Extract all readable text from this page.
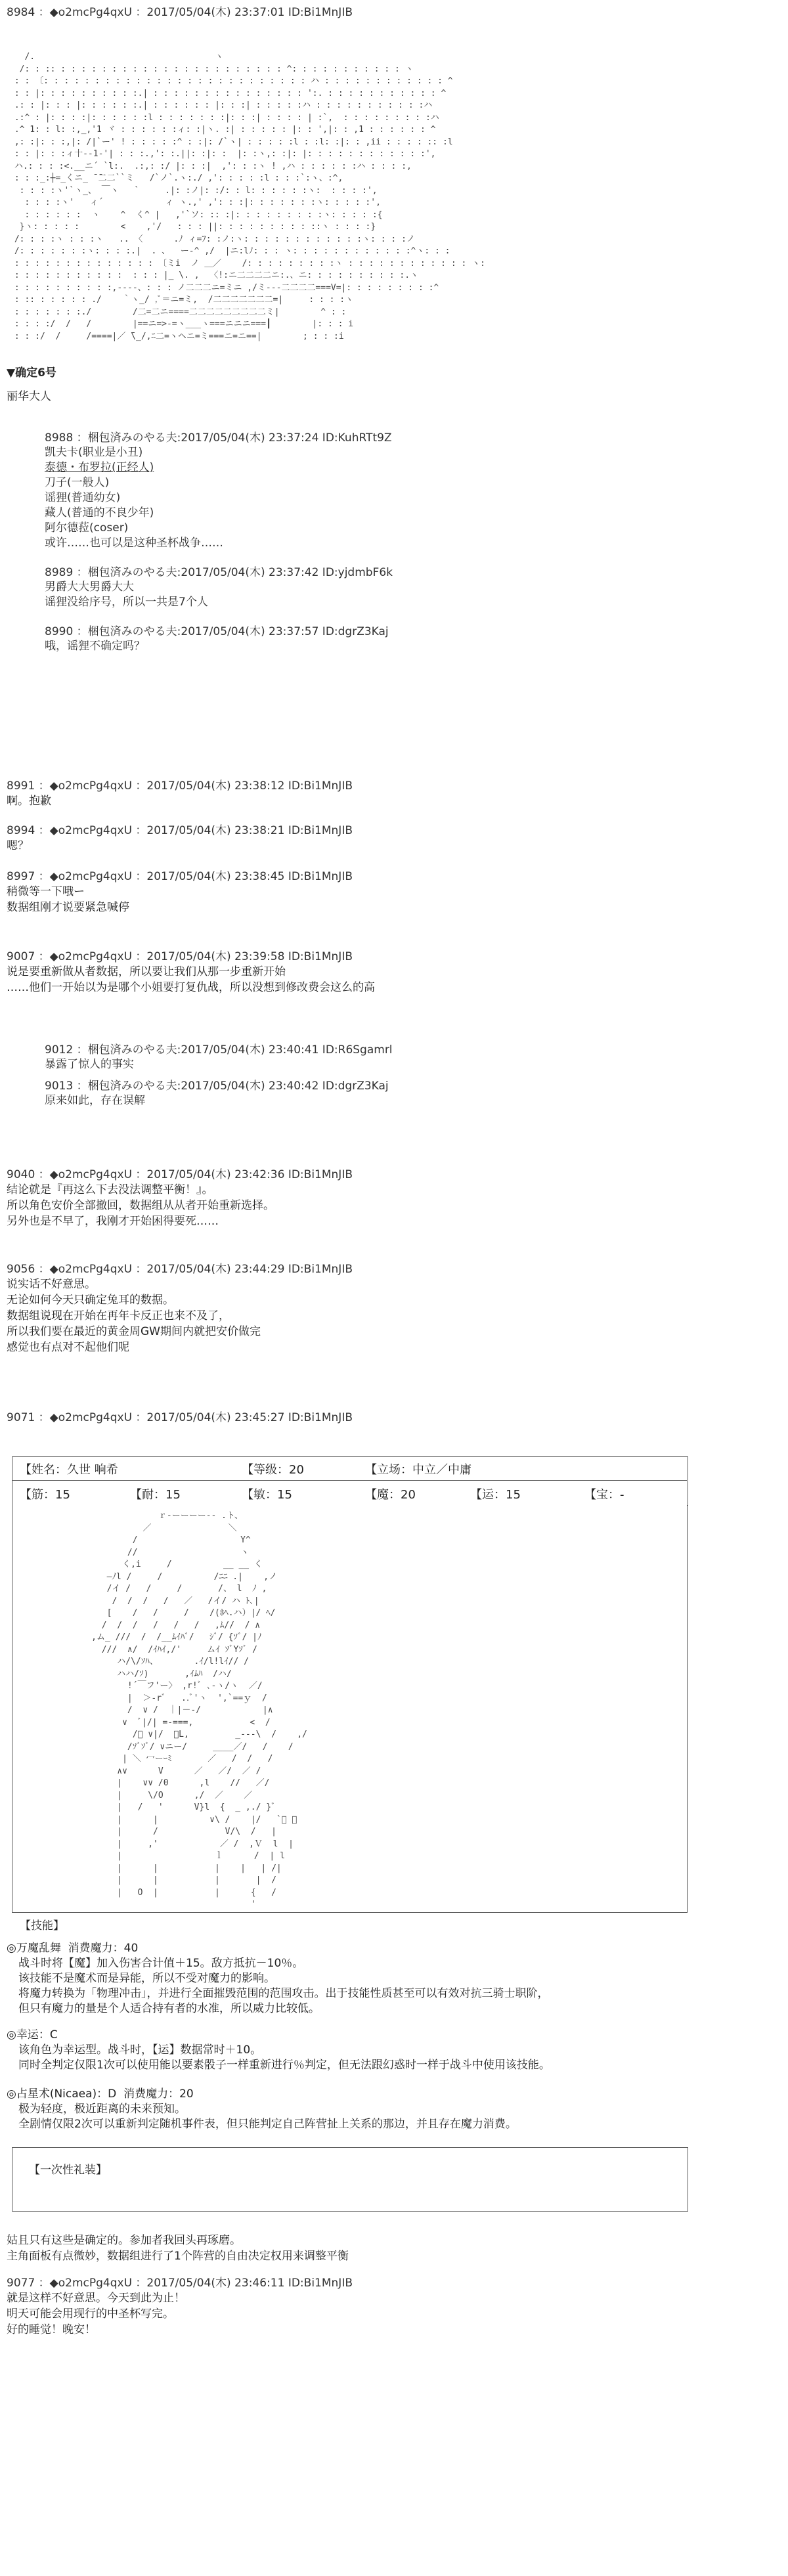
8984 ：◆o2mcPg4qxU ：2017/05/04(木) 23:37:01 ID:Bi1MnJIB
/.                                   ヽ
/: : :: : : : : : : : : : : : : : : : : : : : : : : ^: : : : : : : : : : : ヽ
: : 〔: : : : : : : : : : : : : : : : : : : : : : : : : : ハ : : : : : : : : : : : : ^
: : |: : : : : : : : : :.| : : : : : : : : : : : : : : : ':. : : : : : : : : : : : ^
.: : |: : : |: : : : : :.| : : : : : : |: : :| : : : : :ハ : : : : : : : : : : :ハ
.:^ : |: : : :|: : : : : :l : : : : : : :|: : :| : : : : | :`,  : : : : : : : : :ハ
.^ 1: : l: :,_,'1 ヾ : : : : : :ィ: :|ヽ. :| : : : : : |: : ',|: : ,1 : : : : : : ^
,: :|: : :,|: /|`ー' ! : : : : :^ : :|: /`ヽ| : : : : :l : :l: :|: : ,ii : : : : :: :l
: : |: : :ィ十--1‐'| : : :.,': :.||: :|: :  |: :ヽ,: :|: |: : : : : : : : : : : :',
ハ.: : : :<.__ニ´ `l:.  .:,: :/ |: : :|  ,': : :ヽ ! ,ハ : : : : : :ハ : : : :,
: : :_:┼=_くニ_ ̄ ̄二二``ミ   /`ノ`.ヽ:./ ,': : : : :l : : :`:ヽ、:^,
: : : :ヽ'`ヽ_、 ￣ヽ   `     .|: :ノ|: :/: : l: : : : : :ヽ:  : : : :',
: : : :ヽ'   ィ´            ィ ヽ.,' ,': : :|: : : : : : :ヽ: : : : :',
: : : : : :  ヽ    ^  く^ |   ,'`ソ: :: :|: : : : : : : : :ヽ: : : : :{
}ヽ: : : : :        <    ,'/   : : : ||: : : : : : : : : ::ヽ : : : :}
/: : : :ヽ : : :ヽ   .. 〈      .ﾉ ィ=ﾌ: :ノ:ヽ: : : : : : : : : : : :ヽ: : : :ノ
/: : : : : : :ヽ: : : :.|  . 、  ー‐^ ,/  |ニ:lﾉ: : : ヽ: : : : : : : : : : : :^ヽ: : :
: : : : : : : : : : : : : : 〔ミi  ノ ＿／    /: : : : : : : : :ヽ : : : : : : : : : : : : ヽ:
: : : : : : : : : : :  : : : |_ \. ,  〈!:ニ二二二二ニ:.、ニ: : : : : : : : : :.ヽ
: : : : : : : : : :,-‐‐-、: : : ノ二二二ニ=ミニ ,/ミ‐‐‐二二二二===V=|: : : : : : : : :^
: :: : : : : : ./    ｀ヽ_/ ,ﾟ＝ニ=ミ,  /二二二二二二二=|     : : : :ヽ
: : : : : : :./        /二=二ニ====二二二二二二二二二ミ|        ^ : :
: : : :/  /   /        |==ニ=>-=ヽ___ヽ===ニニニ===┃        |: : : i
: : :/  /     /====|／ ̄\_/,ﾆ二=ヽヘニ=ミ===ニ=ニ==|        ; : : :i
▼确定6号
丽华大人
8988 ：梱包済みのやる夫:2017/05/04(木) 23:37:24 ID:KuhRTt9Z
凯夫卡(职业是小丑)
泰德・布罗拉(正经人)
刀子(一般人)
谣狸(普通幼女)
藏人(普通的不良少年)
阿尔德菈(coser)
或许……也可以是这种圣杯战争……
8989 ：梱包済みのやる夫:2017/05/04(木) 23:37:42 ID:yjdmbF6k
男爵大大男爵大大
谣狸没给序号，所以一共是7个人
8990 ：梱包済みのやる夫:2017/05/04(木) 23:37:57 ID:dgrZ3Kaj
哦，谣狸不确定吗？
8991 ：◆o2mcPg4qxU ：2017/05/04(木) 23:38:12 ID:Bi1MnJIB
啊。抱歉
8994 ：◆o2mcPg4qxU ：2017/05/04(木) 23:38:21 ID:Bi1MnJIB
嗯？
8997 ：◆o2mcPg4qxU ：2017/05/04(木) 23:38:45 ID:Bi1MnJIB
稍微等一下哦ー
数据组刚才说要紧急喊停
9007 ：◆o2mcPg4qxU ：2017/05/04(木) 23:39:58 ID:Bi1MnJIB
说是要重新做从者数据，所以要让我们从那一步重新开始
……他们一开始以为是哪个小姐要打复仇战，所以没想到修改费会这么的高
9012 ：梱包済みのやる夫:2017/05/04(木) 23:40:41 ID:R6Sgamrl
暴露了惊人的事实
9013 ：梱包済みのやる夫:2017/05/04(木) 23:40:42 ID:dgrZ3Kaj
原来如此，存在误解
9040 ：◆o2mcPg4qxU ：2017/05/04(木) 23:42:36 ID:Bi1MnJIB
结论就是『再这么下去没法调整平衡！』。
所以角色安价全部撤回，数据组从从者开始重新选择。
另外也是不早了，我刚才开始困得要死……
9056 ：◆o2mcPg4qxU ：2017/05/04(木) 23:44:29 ID:Bi1MnJIB
说实话不好意思。
无论如何今天只确定兔耳的数据。
数据组说现在开始在再年卡反正也来不及了，
所以我们要在最近的黄金周GW期间内就把安价做完
感觉也有点对不起他们呢
9071 ：◆o2mcPg4qxU ：2017/05/04(木) 23:45:27 ID:Bi1MnJIB
【姓名：久世 响希	【等级：20	【立场：中立／中庸
【筋：15	【耐：15	【敏：15	【魔：20	【运：15	【宝：-
ｒ‐ーーーー-- .ト、
／               ＼
/                    Y^
//                    ヽ
く,i     /          __ __ く
―ﾉl /     /          /ﾆﾆ .|    ,ノ
/イ /   /     /       /、 l  ﾉ ,
/  /  /   /   ／   /イ/ ハ ﾄ､|
[    /   /     /    /(ﾎﾍ.ハ）|/ ﾍ/
/  /  /   /   /   /   ,ﾑ//  / ∧
,ム_ ///  /  /__ﾑｲﾊﾞ/   ｼﾞ/ {ｿﾞ/ |ﾉ
///  ∧/  /ｲﾊｲ,/'     ムｲ ｿﾞYｿﾞ /
ハ/\/ｿﾊ、       .ｲ/l!lｲ// /
ハハ/ｿ)       ,ｲﾑﾊ  /ハ/
!´￣フ'ー〉 ,r!ﾞ ､-ヽ/ヽ  ／/
|  ＞‐rﾞ   ..ﾞ'ヽ  ',`==ｙ  /
/  ∨ /  ｜|－-/            |∧
∨  ﾞ|/| =-===,           <  /
/ﾟ ∨|/  ／L,         _---\  /    ,/
/ｿﾞｿﾞ/ ∨ニー/     ____／/   /    /
| ＼ 冖ーｰﾐ       ／   /  /   /
∧∨      V      ／   ／/  ／ /
|    ∨∨ /0      ,l    //   ／/
|     \/O      ,/  ／    ／
|   /   '      V}l  {  _ ,./ }ﾞ
|      |          ∨\ /    |/   `ﾞ ﾞ
|      /             V/\  /   |
|     ,'            ／ /  ,Ｖ  l  |
|                  ｌ      /  | l
|      |           |    |   | /|
|      |           |       |  /
|   O  |           |      {   /
'
【技能】
◎万魔乱舞  消费魔力：40
战斗时将【魔】加入伤害合计值＋15。敌方抵抗－10％。
该技能不是魔术而是异能，所以不受对魔力的影响。
将魔力转换为「物理冲击」，并进行全面摧毁范围的范围攻击。出于技能性质甚至可以有效对抗三骑士职阶，
但只有魔力的量是个人适合持有者的水准，所以威力比较低。
◎幸运：C
该角色为幸运型。战斗时，【运】数据常时＋10。
同时全判定仅限1次可以使用能以要素骰子一样重新进行％判定，但无法跟幻惑时一样于战斗中使用该技能。
◎占星术(Nicaea)：D  消费魔力：20
极为轻度，极近距离的未来预知。
全剧情仅限2次可以重新判定随机事件表，但只能判定自己阵营扯上关系的那边，并且存在魔力消费。
【一次性礼装】
姑且只有这些是确定的。参加者我回头再琢磨。
主角面板有点微妙，数据组进行了1个阵营的自由决定权用来调整平衡
9077 ：◆o2mcPg4qxU ：2017/05/04(木) 23:46:11 ID:Bi1MnJIB
就是这样不好意思。今天到此为止！
明天可能会用现行的中圣杯写完。
好的睡觉！晚安！
